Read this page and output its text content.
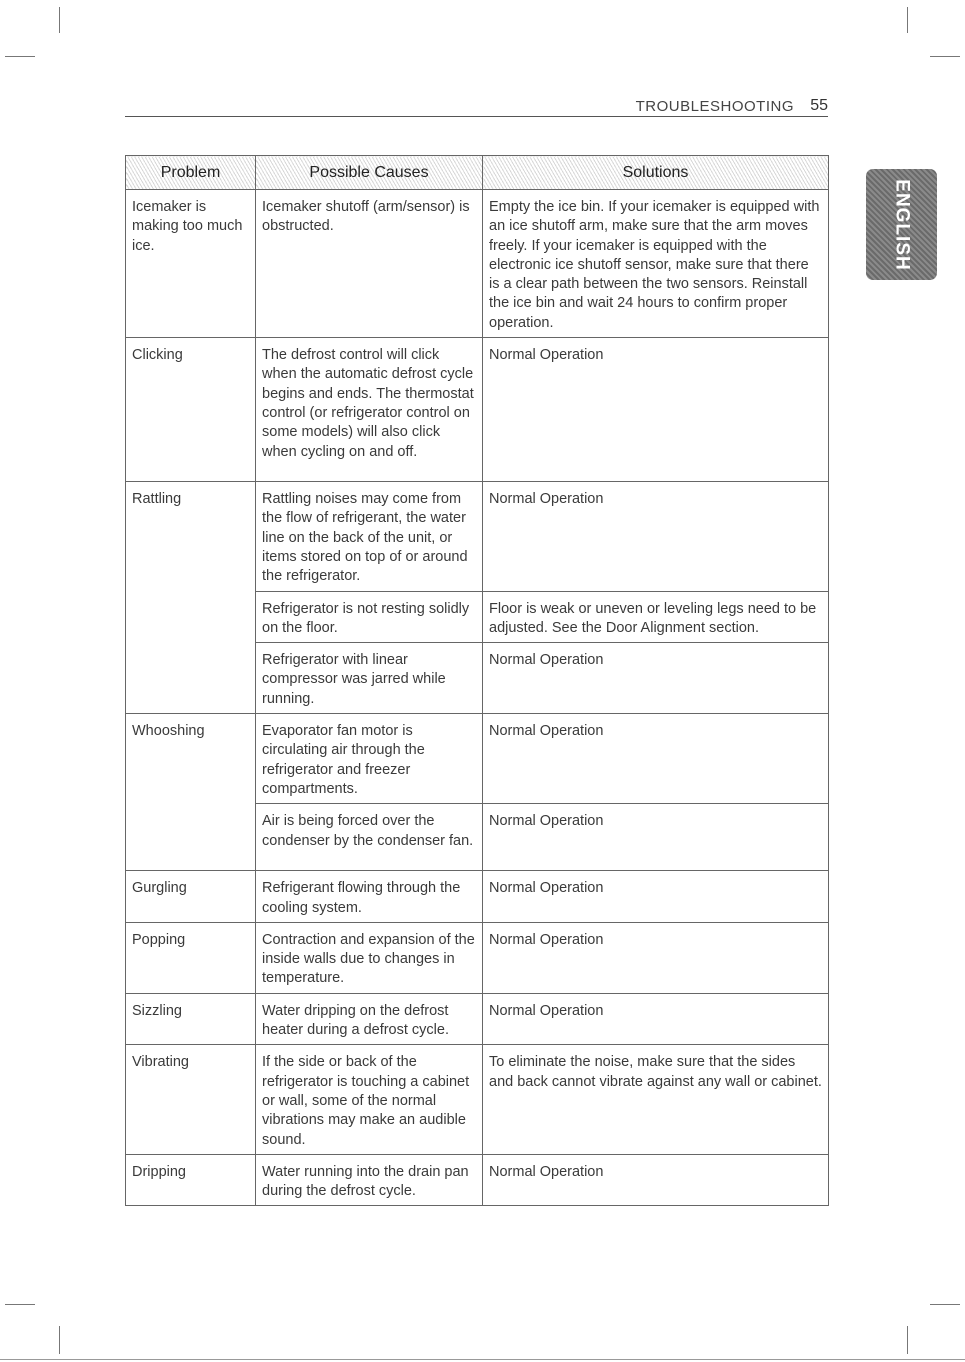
TROUBLESHOOTING 55
ENGLISH
Problem	Possible Causes	Solutions
Icemaker is making too much ice.	Icemaker shutoff (arm/sensor) is obstructed.	Empty the ice bin. If your icemaker is equipped with an ice shutoff arm, make sure that the arm moves freely. If your icemaker is equipped with the electronic ice shutoff sensor, make sure that there is a clear path between the two sensors. Reinstall the ice bin and wait 24 hours to confirm proper operation.
Clicking	The defrost control will click when the automatic defrost cycle begins and ends. The thermostat control (or refrigerator control on some models) will also click when cycling on and off.	Normal Operation
Rattling	Rattling noises may come from the flow of refrigerant, the water line on the back of the unit, or items stored on top of or around the refrigerator.	Normal Operation
	Refrigerator is not resting solidly on the floor.	Floor is weak or uneven or leveling legs need to be adjusted. See the Door Alignment section.
	Refrigerator with linear compressor was jarred while running.	Normal Operation
Whooshing	Evaporator fan motor is circulating air through the refrigerator and freezer compartments.	Normal Operation
	Air is being forced over the condenser by the condenser fan.	Normal Operation
Gurgling	Refrigerant flowing through the cooling system.	Normal Operation
Popping	Contraction and expansion of the inside walls due to changes in temperature.	Normal Operation
Sizzling	Water dripping on the defrost heater during a defrost cycle.	Normal Operation
Vibrating	If the side or back of the refrigerator is touching a cabinet or wall, some of the normal vibrations may make an audible sound.	To eliminate the noise, make sure that the sides and back cannot vibrate against any wall or cabinet.
Dripping	Water running into the drain pan during the defrost cycle.	Normal Operation
